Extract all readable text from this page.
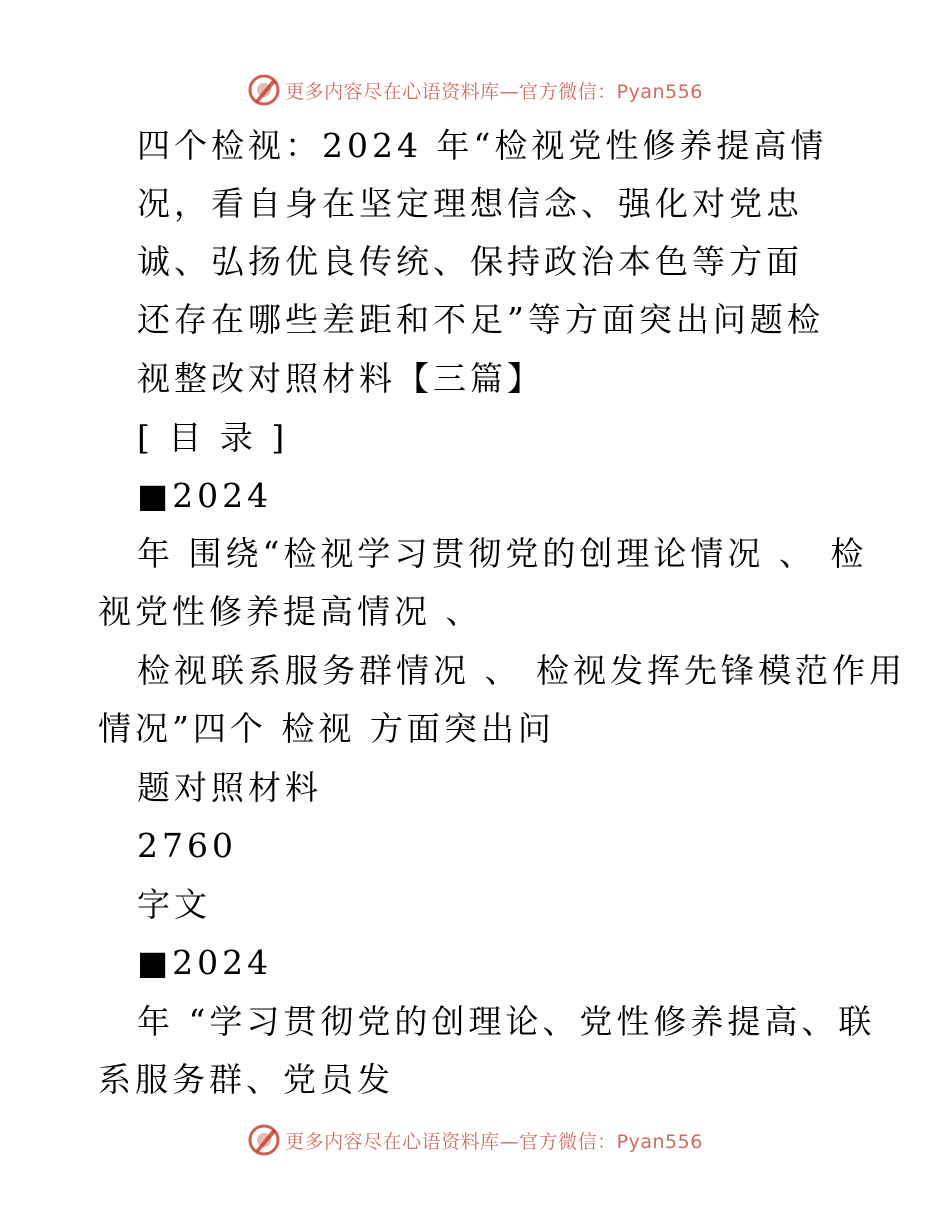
更多内容尽在心语资料库—官方微信：Pyan556
四个检视：2024 年“检视党性修养提高情
况，看自身在坚定理想信念、强化对党忠
诚、弘扬优良传统、保持政治本色等方面
还存在哪些差距和不足”等方面突出问题检
视整改对照材料【三篇】
[ 目 录 ]
■2024
年 围绕“检视学习贯彻党的创理论情况 、 检
视党性修养提高情况 、
检视联系服务群情况 、 检视发挥先锋模范作用
情况”四个 检视 方面突出问
题对照材料
2760
字文
■2024
年 “学习贯彻党的创理论、党性修养提高、联
系服务群、党员发
更多内容尽在心语资料库—官方微信：Pyan556
